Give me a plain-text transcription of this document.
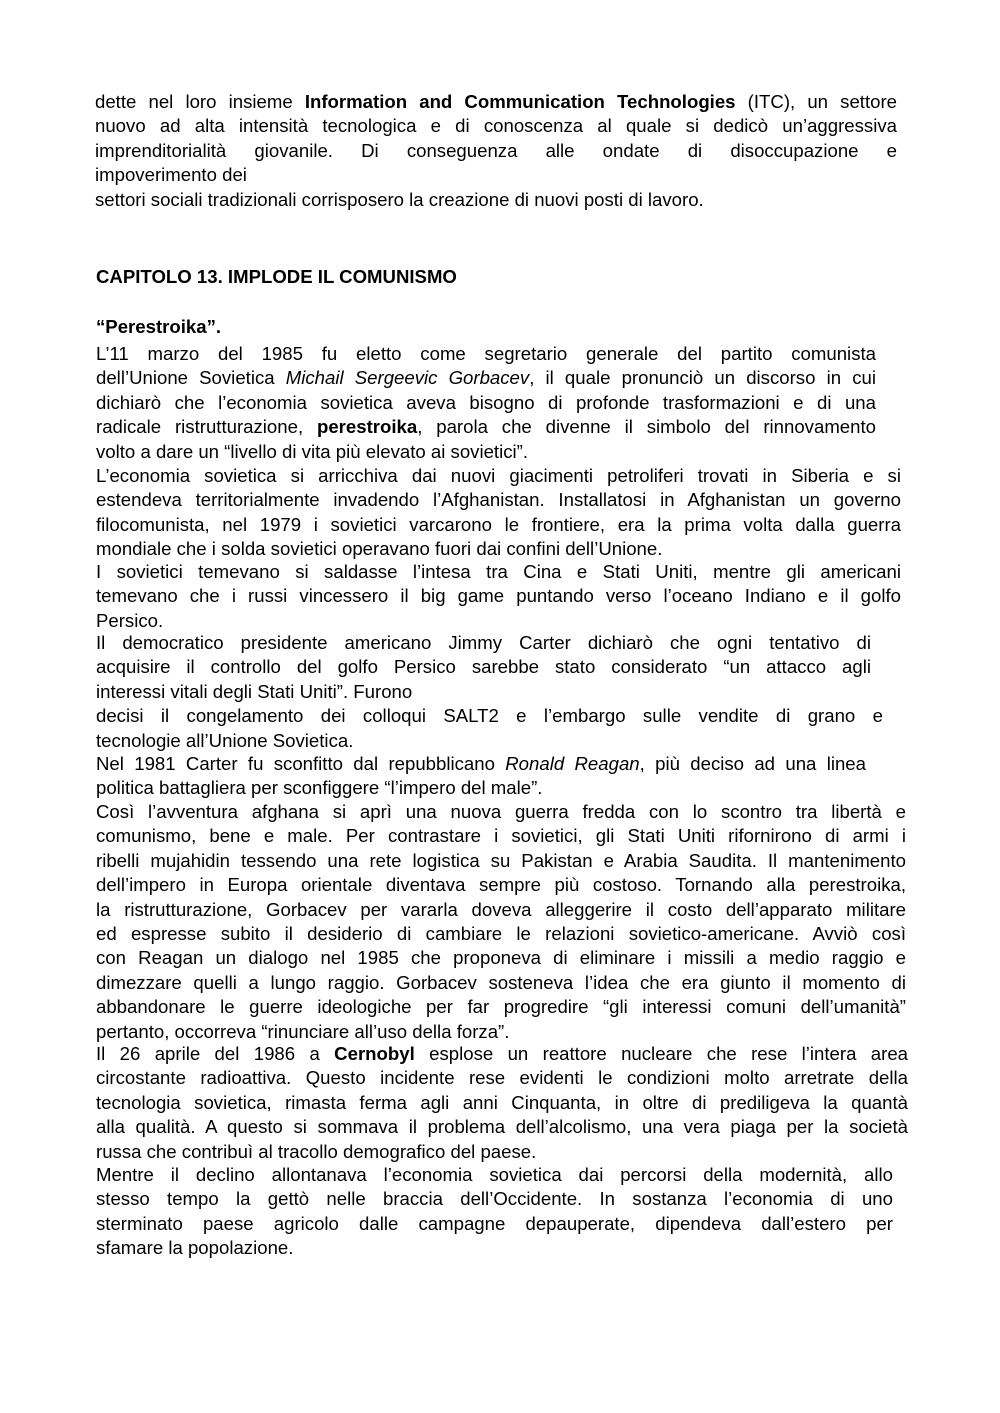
dette nel loro insieme Information and Communication Technologies (ITC), un settore
nuovo ad alta intensità tecnologica e di conoscenza al quale si dedicò un’aggressiva
imprenditorialità giovanile. Di conseguenza alle ondate di disoccupazione e
impoverimento dei
settori sociali tradizionali corrisposero la creazione di nuovi posti di lavoro.
CAPITOLO 13. IMPLODE IL COMUNISMO
“Perestroika”.
L’11 marzo del 1985 fu eletto come segretario generale del partito comunista
dell’Unione Sovietica Michail Sergeevic Gorbacev, il quale pronunciò un discorso in cui
dichiarò che l’economia sovietica aveva bisogno di profonde trasformazioni e di una
radicale ristrutturazione, perestroika, parola che divenne il simbolo del rinnovamento
volto a dare un “livello di vita più elevato ai sovietici”.
L’economia sovietica si arricchiva dai nuovi giacimenti petroliferi trovati in Siberia e si
estendeva territorialmente invadendo l’Afghanistan. Installatosi in Afghanistan un governo
filocomunista, nel 1979 i sovietici varcarono le frontiere, era la prima volta dalla guerra
mondiale che i solda sovietici operavano fuori dai confini dell’Unione.
I sovietici temevano si saldasse l’intesa tra Cina e Stati Uniti, mentre gli americani
temevano che i russi vincessero il big game puntando verso l’oceano Indiano e il golfo
Persico.
Il democratico presidente americano Jimmy Carter dichiarò che ogni tentativo di
acquisire il controllo del golfo Persico sarebbe stato considerato “un attacco agli
interessi vitali degli Stati Uniti”. Furono
decisi il congelamento dei colloqui SALT2 e l’embargo sulle vendite di grano e
tecnologie all’Unione Sovietica.
Nel 1981 Carter fu sconfitto dal repubblicano Ronald Reagan, più deciso ad una linea
politica battagliera per sconfiggere “l’impero del male”.
Così l’avventura afghana si aprì una nuova guerra fredda con lo scontro tra libertà e
comunismo, bene e male. Per contrastare i sovietici, gli Stati Uniti rifornirono di armi i
ribelli mujahidin tessendo una rete logistica su Pakistan e Arabia Saudita. Il mantenimento
dell’impero in Europa orientale diventava sempre più costoso. Tornando alla perestroika,
la ristrutturazione, Gorbacev per vararla doveva alleggerire il costo dell’apparato militare
ed espresse subito il desiderio di cambiare le relazioni sovietico-americane. Avviò così
con Reagan un dialogo nel 1985 che proponeva di eliminare i missili a medio raggio e
dimezzare quelli a lungo raggio. Gorbacev sosteneva l’idea che era giunto il momento di
abbandonare le guerre ideologiche per far progredire “gli interessi comuni dell’umanità”
pertanto, occorreva “rinunciare all’uso della forza”.
Il 26 aprile del 1986 a Cernobyl esplose un reattore nucleare che rese l’intera area
circostante radioattiva. Questo incidente rese evidenti le condizioni molto arretrate della
tecnologia sovietica, rimasta ferma agli anni Cinquanta, in oltre di prediligeva la quantà
alla qualità. A questo si sommava il problema dell’alcolismo, una vera piaga per la società
russa che contribuì al tracollo demografico del paese.
Mentre il declino allontanava l’economia sovietica dai percorsi della modernità, allo
stesso tempo la gettò nelle braccia dell’Occidente. In sostanza l’economia di uno
sterminato paese agricolo dalle campagne depauperate, dipendeva dall’estero per
sfamare la popolazione.
